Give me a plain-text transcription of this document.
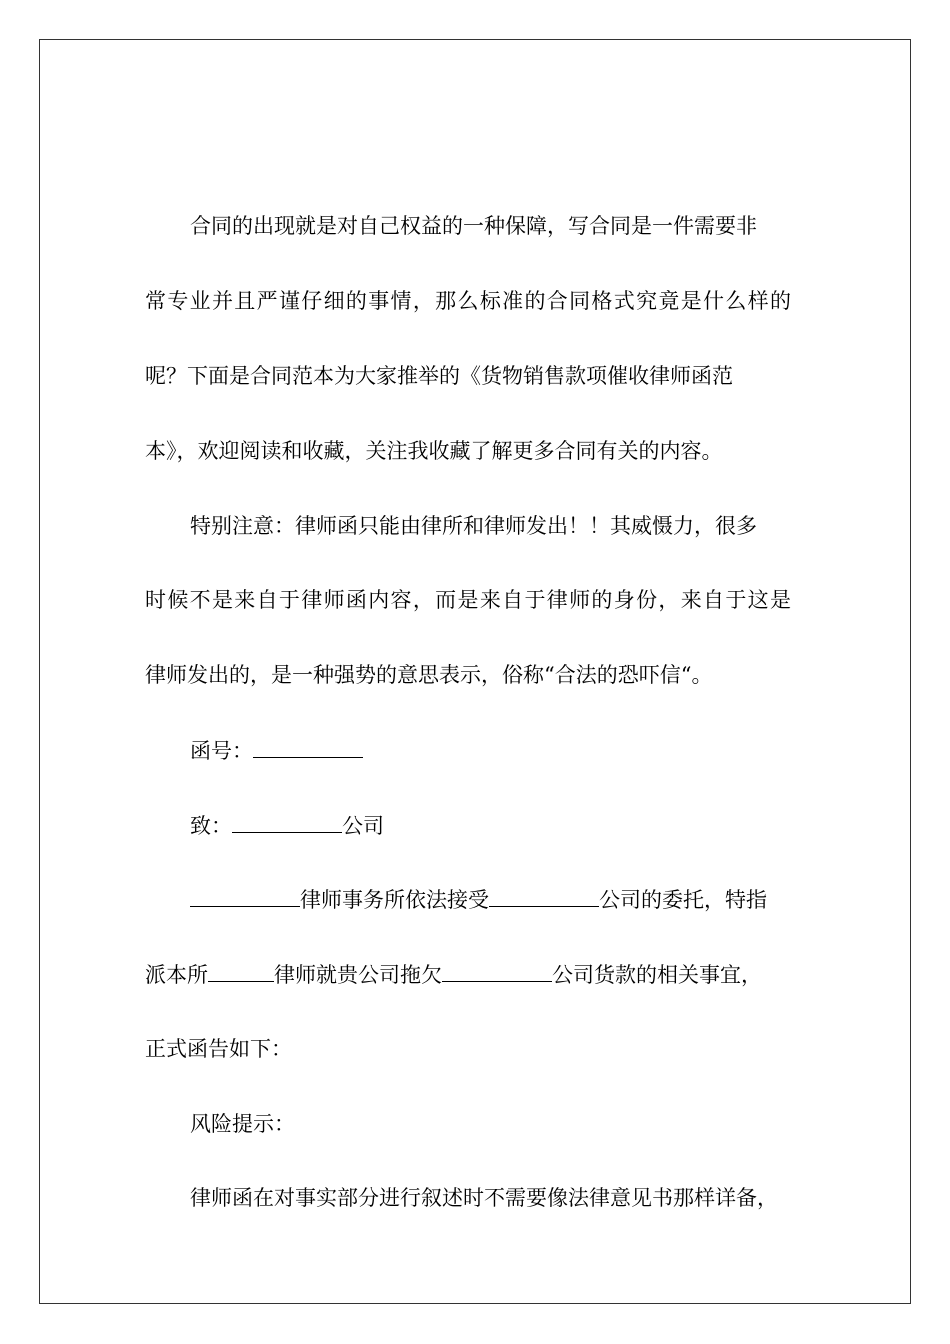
合同的出现就是对自己权益的一种保障，写合同是一件需要非
常专业并且严谨仔细的事情，那么标准的合同格式究竟是什么样的
呢？下面是合同范本为大家推举的《货物销售款项催收律师函范
本》，欢迎阅读和收藏，关注我收藏了解更多合同有关的内容。
特别注意：律师函只能由律所和律师发出！！其威慑力，很多
时候不是来自于律师函内容，而是来自于律师的身份，来自于这是
律师发出的，是一种强势的意思表示，俗称“合法的恐吓信“。
函号：
致：	公司
律师事务所依法接受	公司的委托，特指
派本所	律师就贵公司拖欠	公司货款的相关事宜，
正式函告如下：
风险提示：
律师函在对事实部分进行叙述时不需要像法律意见书那样详备，
